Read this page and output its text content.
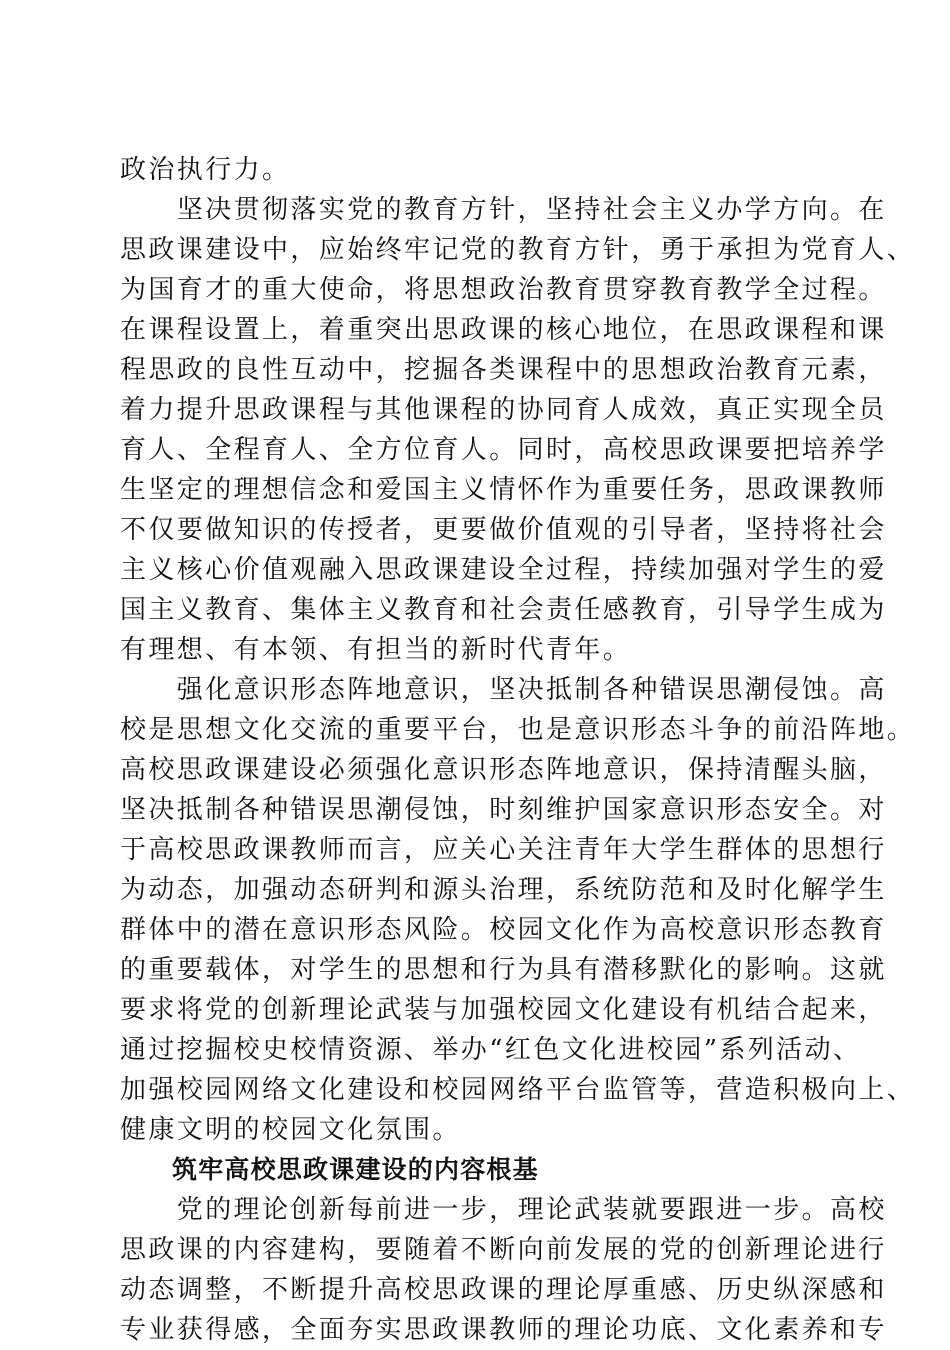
政治执行力。
　　坚决贯彻落实党的教育方针，坚持社会主义办学方向。在
思政课建设中，应始终牢记党的教育方针，勇于承担为党育人、
为国育才的重大使命，将思想政治教育贯穿教育教学全过程。
在课程设置上，着重突出思政课的核心地位，在思政课程和课
程思政的良性互动中，挖掘各类课程中的思想政治教育元素，
着力提升思政课程与其他课程的协同育人成效，真正实现全员
育人、全程育人、全方位育人。同时，高校思政课要把培养学
生坚定的理想信念和爱国主义情怀作为重要任务，思政课教师
不仅要做知识的传授者，更要做价值观的引导者，坚持将社会
主义核心价值观融入思政课建设全过程，持续加强对学生的爱
国主义教育、集体主义教育和社会责任感教育，引导学生成为
有理想、有本领、有担当的新时代青年。
　　强化意识形态阵地意识，坚决抵制各种错误思潮侵蚀。高
校是思想文化交流的重要平台，也是意识形态斗争的前沿阵地。
高校思政课建设必须强化意识形态阵地意识，保持清醒头脑，
坚决抵制各种错误思潮侵蚀，时刻维护国家意识形态安全。对
于高校思政课教师而言，应关心关注青年大学生群体的思想行
为动态，加强动态研判和源头治理，系统防范和及时化解学生
群体中的潜在意识形态风险。校园文化作为高校意识形态教育
的重要载体，对学生的思想和行为具有潜移默化的影响。这就
要求将党的创新理论武装与加强校园文化建设有机结合起来，
通过挖掘校史校情资源、举办“红色文化进校园”系列活动、
加强校园网络文化建设和校园网络平台监管等，营造积极向上、
健康文明的校园文化氛围。
筑牢高校思政课建设的内容根基
　　党的理论创新每前进一步，理论武装就要跟进一步。高校
思政课的内容建构，要随着不断向前发展的党的创新理论进行
动态调整，不断提升高校思政课的理论厚重感、历史纵深感和
专业获得感，全面夯实思政课教师的理论功底、文化素养和专
